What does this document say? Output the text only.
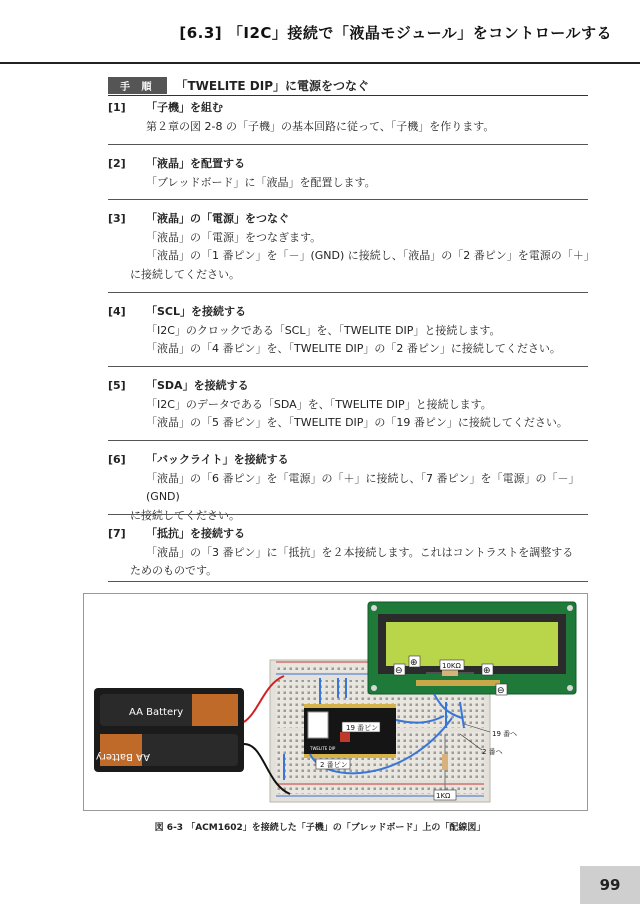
[6.3] 「I2C」接続で「液晶モジュール」をコントロールする
手 順	「TWELITE DIP」に電源をつなぐ
[1]	「子機」を組む
第２章の図 2-8 の「子機」の基本回路に従って、「子機」を作ります。
[2]	「液晶」を配置する
「ブレッドボード」に「液晶」を配置します。
[3]	「液晶」の「電源」をつなぐ
「液晶」の「電源」をつなぎます。
「液晶」の「1 番ピン」を「－」(GND) に接続し、「液晶」の「2 番ピン」を電源の「＋」
に接続してください。
[4]	「SCL」を接続する
「I2C」のクロックである「SCL」を、「TWELITE DIP」と接続します。
「液晶」の「4 番ピン」を、「TWELITE DIP」の「2 番ピン」に接続してください。
[5]	「SDA」を接続する
「I2C」のデータである「SDA」を、「TWELITE DIP」と接続します。
「液晶」の「5 番ピン」を、「TWELITE DIP」の「19 番ピン」に接続してください。
[6]	「バックライト」を接続する
「液晶」の「6 番ピン」を「電源」の「＋」に接続し、「7 番ピン」を「電源」の「－」(GND)
に接続してください。
[7]	「抵抗」を接続する
「液晶」の「3 番ピン」に「抵抗」を２本接続します。これはコントラストを調整する
ためのものです。
AA Battery
AA Battery
TWELITE DIP
19 番ピン
2 番ピン
10KΩ
1KΩ
19 番へ
2 番へ
⊕
⊖	⊕
⊖
図 6-3 「ACM1602」を接続した「子機」の「ブレッドボード」上の「配線図」
99
